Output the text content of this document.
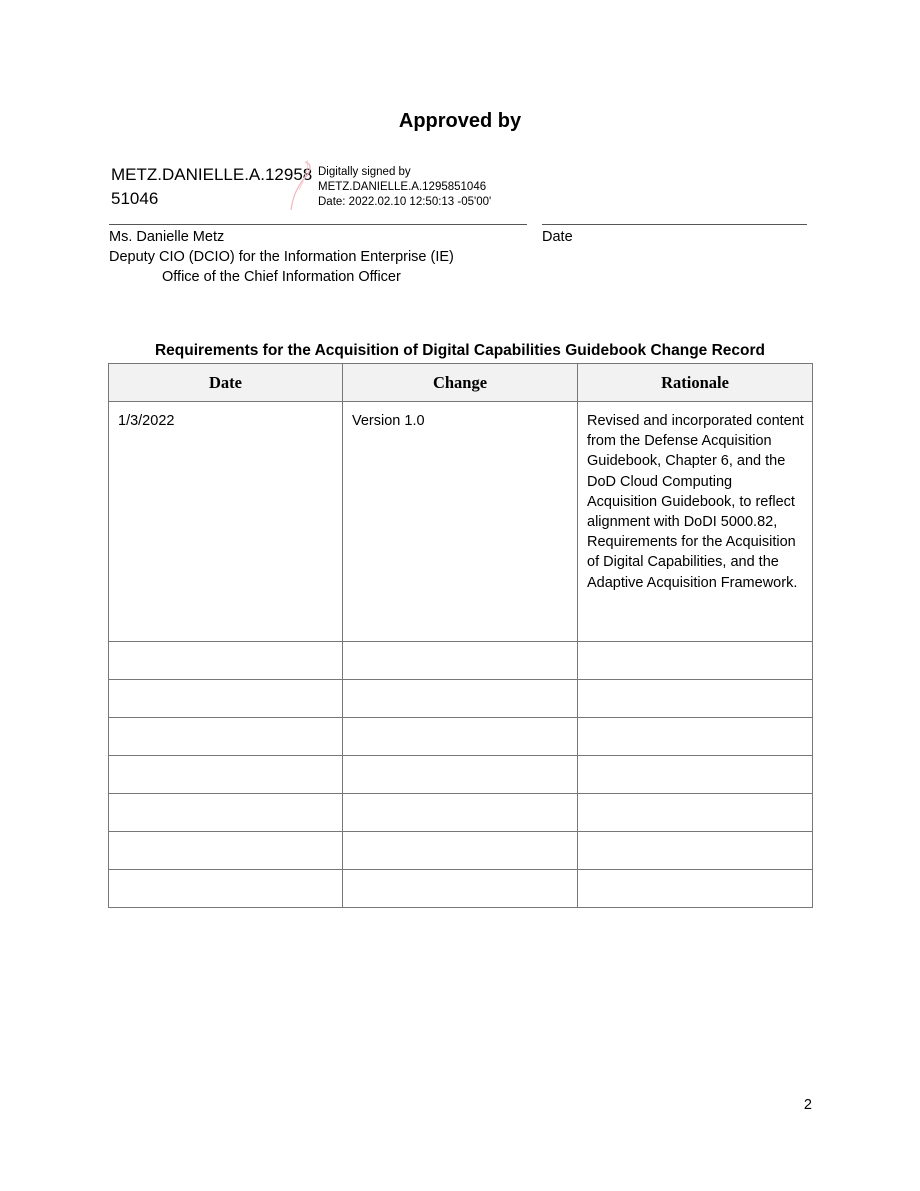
Approved by
METZ.DANIELLE.A.12958
51046
Digitally signed by
METZ.DANIELLE.A.1295851046
Date: 2022.02.10 12:50:13 -05'00'
Ms. Danielle Metz
Deputy CIO (DCIO) for the Information Enterprise (IE)
Office of the Chief Information Officer
Date
Requirements for the Acquisition of Digital Capabilities Guidebook Change Record
Date	Change	Rationale
1/3/2022	Version 1.0	Revised and incorporated content from the Defense Acquisition Guidebook, Chapter 6, and the DoD Cloud Computing Acquisition Guidebook, to reflect alignment with DoDI 5000.82, Requirements for the Acquisition of Digital Capabilities, and the Adaptive Acquisition Framework.

2
